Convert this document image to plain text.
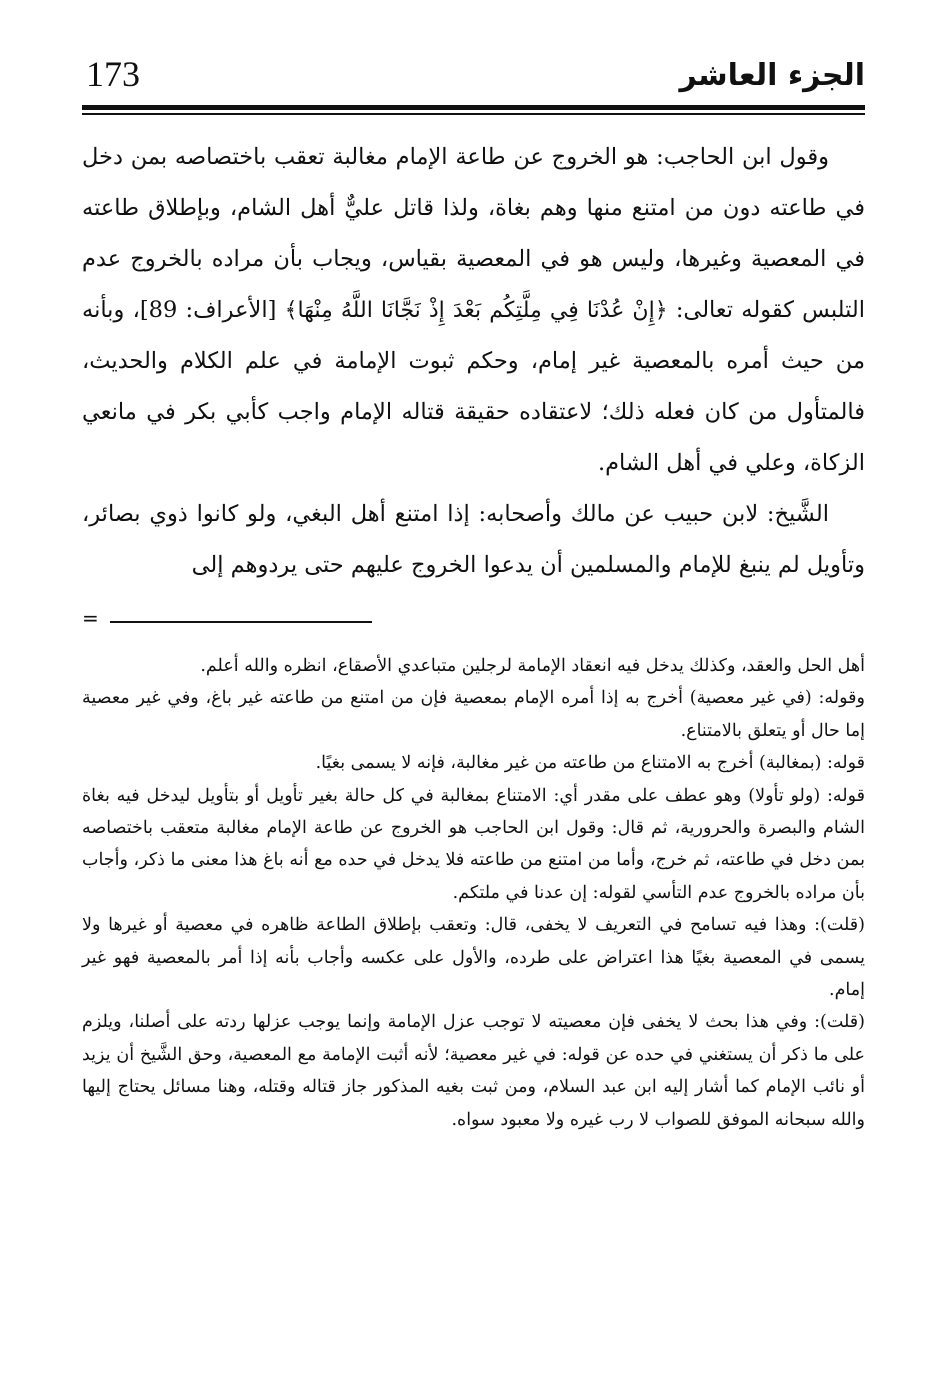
173	الجزء العاشر

وقول ابن الحاجب: هو الخروج عن طاعة الإمام مغالبة تعقب باختصاصه بمن دخل في طاعته دون من امتنع منها وهم بغاة، ولذا قاتل عليٌّ أهل الشام، وبإطلاق طاعته في المعصية وغيرها، وليس هو في المعصية بقياس، ويجاب بأن مراده بالخروج عدم التلبس كقوله تعالى: ﴿إِنْ عُدْنَا فِي مِلَّتِكُم بَعْدَ إِذْ نَجَّانَا اللَّهُ مِنْهَا﴾ [الأعراف: 89]، وبأنه من حيث أمره بالمعصية غير إمام، وحكم ثبوت الإمامة في علم الكلام والحديث، فالمتأول من كان فعله ذلك؛ لاعتقاده حقيقة قتاله الإمام واجب كأبي بكر في مانعي الزكاة، وعلي في أهل الشام.

الشَّيخ: لابن حبيب عن مالك وأصحابه: إذا امتنع أهل البغي، ولو كانوا ذوي بصائر، وتأويل لم ينبغ للإمام والمسلمين أن يدعوا الخروج عليهم حتى يردوهم إلى

=

أهل الحل والعقد، وكذلك يدخل فيه انعقاد الإمامة لرجلين متباعدي الأصقاع، انظره والله أعلم.

وقوله: (في غير معصية) أخرج به إذا أمره الإمام بمعصية فإن من امتنع من طاعته غير باغ، وفي غير معصية إما حال أو يتعلق بالامتناع.

قوله: (بمغالبة) أخرج به الامتناع من طاعته من غير مغالبة، فإنه لا يسمى بغيًا.

قوله: (ولو تأولا) وهو عطف على مقدر أي: الامتناع بمغالبة في كل حالة بغير تأويل أو بتأويل ليدخل فيه بغاة الشام والبصرة والحرورية، ثم قال: وقول ابن الحاجب هو الخروج عن طاعة الإمام مغالبة متعقب باختصاصه بمن دخل في طاعته، ثم خرج، وأما من امتنع من طاعته فلا يدخل في حده مع أنه باغ هذا معنى ما ذكر، وأجاب بأن مراده بالخروج عدم التأسي لقوله: إن عدنا في ملتكم.

(قلت): وهذا فيه تسامح في التعريف لا يخفى، قال: وتعقب بإطلاق الطاعة ظاهره في معصية أو غيرها ولا يسمى في المعصية بغيًا هذا اعتراض على طرده، والأول على عكسه وأجاب بأنه إذا أمر بالمعصية فهو غير إمام.

(قلت): وفي هذا بحث لا يخفى فإن معصيته لا توجب عزل الإمامة وإنما يوجب عزلها ردته على أصلنا، ويلزم على ما ذكر أن يستغني في حده عن قوله: في غير معصية؛ لأنه أثبت الإمامة مع المعصية، وحق الشَّيخ أن يزيد أو نائب الإمام كما أشار إليه ابن عبد السلام، ومن ثبت بغيه المذكور جاز قتاله وقتله، وهنا مسائل يحتاج إليها والله سبحانه الموفق للصواب لا رب غيره ولا معبود سواه.
